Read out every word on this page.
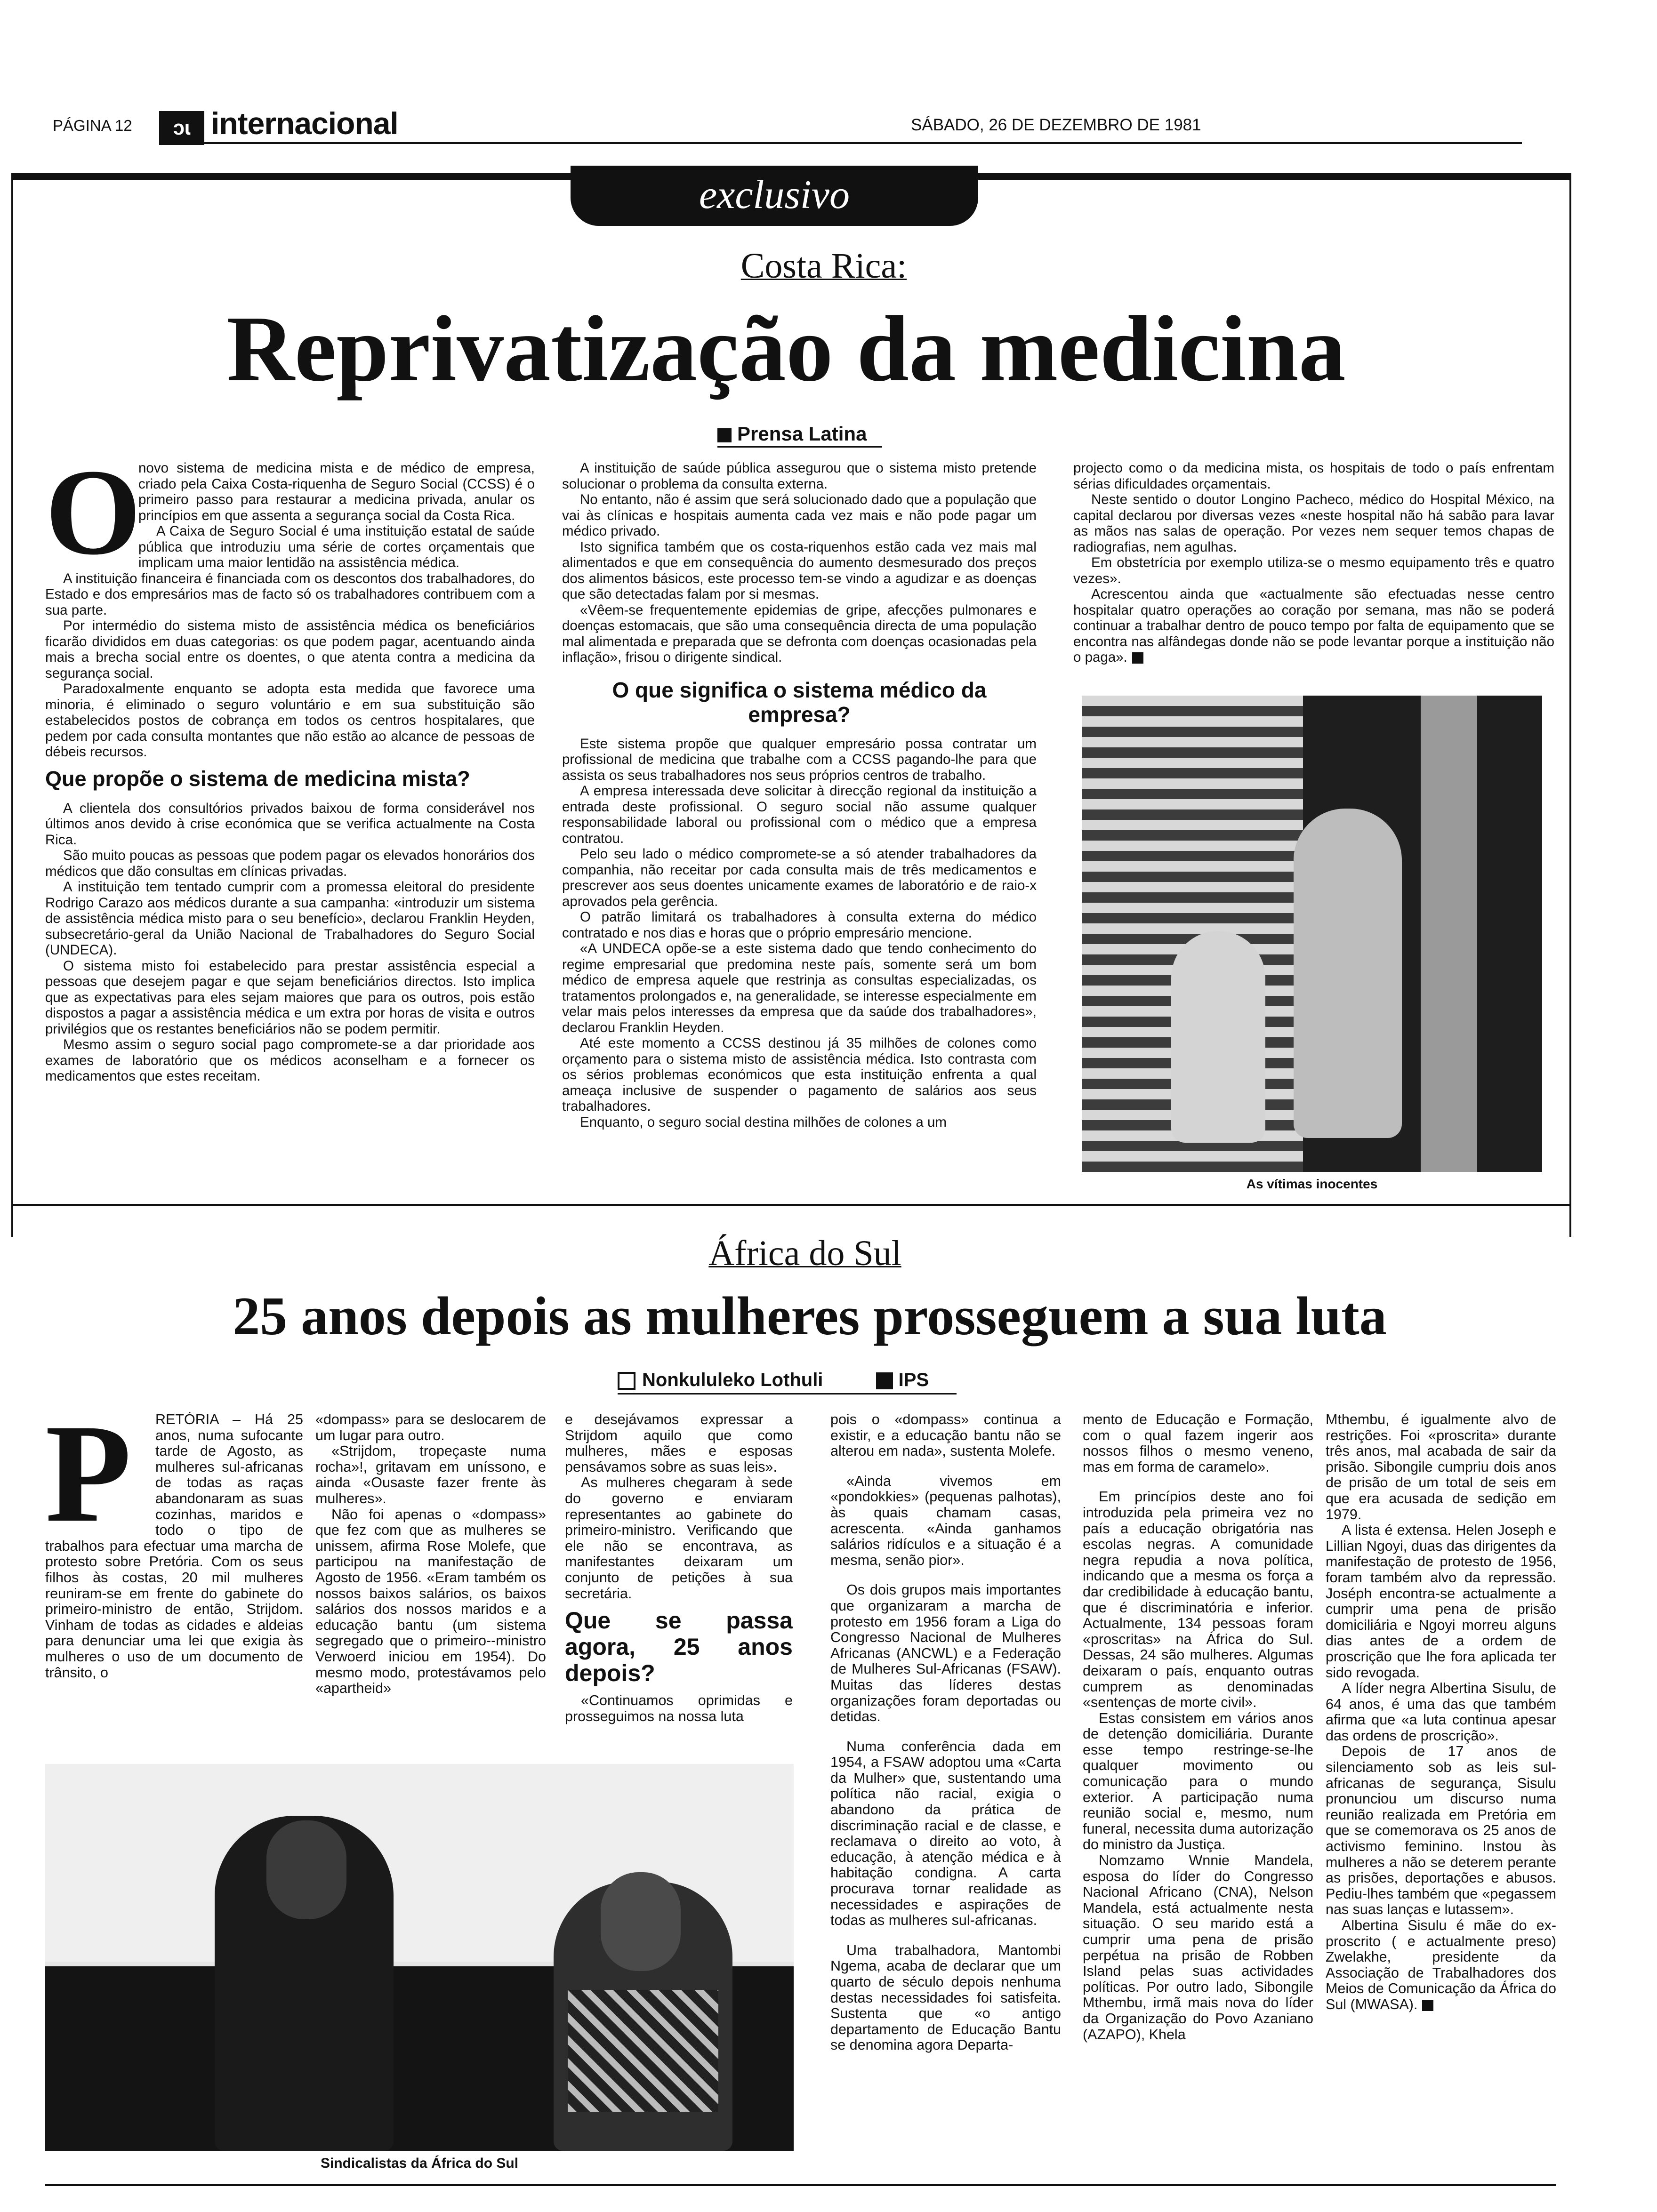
PÁGINA 12	ɔɩ internacional	SÁBADO, 26 DE DEZEMBRO DE 1981
exclusivo
Costa Rica:
Reprivatização da medicina
Prensa Latina
O

novo sistema de medicina mista e de médico de empresa, criado pela Caixa Costa-riquenha de Seguro Social (CCSS) é o primeiro passo para restaurar a medicina privada, anular os princípios em que assenta a segurança social da Costa Rica.

A Caixa de Seguro Social é uma instituição estatal de saúde pública que introduziu uma série de cortes orçamentais que implicam uma maior lentidão na assistência médica.

A instituição financeira é financiada com os descontos dos trabalhadores, do Estado e dos empresários mas de facto só os trabalhadores contribuem com a sua parte.

Por intermédio do sistema misto de assistência médica os beneficiários ficarão divididos em duas categorias: os que podem pagar, acentuando ainda mais a brecha social entre os doentes, o que atenta contra a medicina da segurança social.

Paradoxalmente enquanto se adopta esta medida que favorece uma minoria, é eliminado o seguro voluntário e em sua substituição são estabelecidos postos de cobrança em todos os centros hospitalares, que pedem por cada consulta montantes que não estão ao alcance de pessoas de débeis recursos.

Que propõe o sistema de medicina mista?

A clientela dos consultórios privados baixou de forma considerável nos últimos anos devido à crise económica que se verifica actualmente na Costa Rica.

São muito poucas as pessoas que podem pagar os elevados honorários dos médicos que dão consultas em clínicas privadas.

A instituição tem tentado cumprir com a promessa eleitoral do presidente Rodrigo Carazo aos médicos durante a sua campanha: «introduzir um sistema de assistência médica misto para o seu benefício», declarou Franklin Heyden, subsecretário-geral da União Nacional de Trabalhadores do Seguro Social (UNDECA).

O sistema misto foi estabelecido para prestar assistência especial a pessoas que desejem pagar e que sejam beneficiários directos. Isto implica que as expectativas para eles sejam maiores que para os outros, pois estão dispostos a pagar a assistência médica e um extra por horas de visita e outros privilégios que os restantes beneficiários não se podem permitir.

Mesmo assim o seguro social pago compromete-se a dar prioridade aos exames de laboratório que os médicos aconselham e a fornecer os medicamentos que estes receitam.

A instituição de saúde pública assegurou que o sistema misto pretende solucionar o problema da consulta externa.

No entanto, não é assim que será solucionado dado que a população que vai às clínicas e hospitais aumenta cada vez mais e não pode pagar um médico privado.

Isto significa também que os costa-riquenhos estão cada vez mais mal alimentados e que em consequência do aumento desmesurado dos preços dos alimentos básicos, este processo tem-se vindo a agudizar e as doenças que são detectadas falam por si mesmas.

«Vêem-se frequentemente epidemias de gripe, afecções pulmonares e doenças estomacais, que são uma consequência directa de uma população mal alimentada e preparada que se defronta com doenças ocasionadas pela inflação», frisou o dirigente sindical.

O que significa o sistema médico da empresa?

Este sistema propõe que qualquer empresário possa contratar um profissional de medicina que trabalhe com a CCSS pagando-lhe para que assista os seus trabalhadores nos seus próprios centros de trabalho.

A empresa interessada deve solicitar à direcção regional da instituição a entrada deste profissional. O seguro social não assume qualquer responsabilidade laboral ou profissional com o médico que a empresa contratou.

Pelo seu lado o médico compromete-se a só atender trabalhadores da companhia, não receitar por cada consulta mais de três medicamentos e prescrever aos seus doentes unicamente exames de laboratório e de raio-x aprovados pela gerência.

O patrão limitará os trabalhadores à consulta externa do médico contratado e nos dias e horas que o próprio empresário mencione.

«A UNDECA opõe-se a este sistema dado que tendo conhecimento do regime empresarial que predomina neste país, somente será um bom médico de empresa aquele que restrinja as consultas especializadas, os tratamentos prolongados e, na generalidade, se interesse especialmente em velar mais pelos interesses da empresa que da saúde dos trabalhadores», declarou Franklin Heyden.

Até este momento a CCSS destinou já 35 milhões de colones como orçamento para o sistema misto de assistência médica. Isto contrasta com os sérios problemas económicos que esta instituição enfrenta a qual ameaça inclusive de suspender o pagamento de salários aos seus trabalhadores.

Enquanto, o seguro social destina milhões de colones a um

projecto como o da medicina mista, os hospitais de todo o país enfrentam sérias dificuldades orçamentais.

Neste sentido o doutor Longino Pacheco, médico do Hospital México, na capital declarou por diversas vezes «neste hospital não há sabão para lavar as mãos nas salas de operação. Por vezes nem sequer temos chapas de radiografias, nem agulhas.

Em obstetrícia por exemplo utiliza-se o mesmo equipamento três e quatro vezes».

Acrescentou ainda que «actualmente são efectuadas nesse centro hospitalar quatro operações ao coração por semana, mas não se poderá continuar a trabalhar dentro de pouco tempo por falta de equipamento que se encontra nas alfândegas donde não se pode levantar porque a instituição não o paga».

As vítimas inocentes
África do Sul
25 anos depois as mulheres prosseguem a sua luta
Nonkululeko Lothuli	IPS
P	RETÓRIA – Há 25 anos, numa sufocante tarde de Agosto, as mulheres sul-africanas de todas as raças abandonaram as suas cozinhas, maridos e todo o tipo de trabalhos para efectuar uma marcha de protesto sobre Pretória. Com os seus filhos às costas, 20 mil mulheres reuniram-se em frente do gabinete do primeiro-ministro de então, Strijdom. Vinham de todas as cidades e aldeias para denunciar uma lei que exigia às mulheres o uso de um documento de trânsito, o

«dompass» para se deslocarem de um lugar para outro.

«Strijdom, tropeçaste numa rocha»!, gritavam em uníssono, e ainda «Ousaste fazer frente às mulheres».

Não foi apenas o «dompass» que fez com que as mulheres se unissem, afirma Rose Molefe, que participou na manifestação de Agosto de 1956. «Eram também os nossos baixos salários, os baixos salários dos nossos maridos e a educação bantu (um sistema segregado que o primeiro--ministro Verwoerd iniciou em 1954). Do mesmo modo, protestávamos pelo «apartheid»

e desejávamos expressar a Strijdom aquilo que como mulheres, mães e esposas pensávamos sobre as suas leis».

As mulheres chegaram à sede do governo e enviaram representantes ao gabinete do primeiro-ministro. Verificando que ele não se encontrava, as manifestantes deixaram um conjunto de petições à sua secretária.

Que se passa agora, 25 anos depois?

«Continuamos oprimidas e prosseguimos na nossa luta

pois o «dompass» continua a existir, e a educação bantu não se alterou em nada», sustenta Molefe.

«Ainda vivemos em «pondokkies» (pequenas palhotas), às quais chamam casas, acrescenta. «Ainda ganhamos salários ridículos e a situação é a mesma, senão pior».

Os dois grupos mais importantes que organizaram a marcha de protesto em 1956 foram a Liga do Congresso Nacional de Mulheres Africanas (ANCWL) e a Federação de Mulheres Sul-Africanas (FSAW). Muitas das líderes destas organizações foram deportadas ou detidas.

Numa conferência dada em 1954, a FSAW adoptou uma «Carta da Mulher» que, sustentando uma política não racial, exigia o abandono da prática de discriminação racial e de classe, e reclamava o direito ao voto, à educação, à atenção médica e à habitação condigna. A carta procurava tornar realidade as necessidades e aspirações de todas as mulheres sul-africanas.

Uma trabalhadora, Mantombi Ngema, acaba de declarar que um quarto de século depois nenhuma destas necessidades foi satisfeita. Sustenta que «o antigo departamento de Educação Bantu se denomina agora Departa-

mento de Educação e Formação, com o qual fazem ingerir aos nossos filhos o mesmo veneno, mas em forma de caramelo».

Em princípios deste ano foi introduzida pela primeira vez no país a educação obrigatória nas escolas negras. A comunidade negra repudia a nova política, indicando que a mesma os força a dar credibilidade à educação bantu, que é discriminatória e inferior. Actualmente, 134 pessoas foram «proscritas» na África do Sul. Dessas, 24 são mulheres. Algumas deixaram o país, enquanto outras cumprem as denominadas «sentenças de morte civil».

Estas consistem em vários anos de detenção domiciliária. Durante esse tempo restringe-se-lhe qualquer movimento ou comunicação para o mundo exterior. A participação numa reunião social e, mesmo, num funeral, necessita duma autorização do ministro da Justiça.

Nomzamo Wnnie Mandela, esposa do líder do Congresso Nacional Africano (CNA), Nelson Mandela, está actualmente nesta situação. O seu marido está a cumprir uma pena de prisão perpétua na prisão de Robben Island pelas suas actividades políticas. Por outro lado, Sibongile Mthembu, irmã mais nova do líder da Organização do Povo Azaniano (AZAPO), Khela

Mthembu, é igualmente alvo de restrições. Foi «proscrita» durante três anos, mal acabada de sair da prisão. Sibongile cumpriu dois anos de prisão de um total de seis em que era acusada de sedição em 1979.

A lista é extensa. Helen Joseph e Lillian Ngoyi, duas das dirigentes da manifestação de protesto de 1956, foram também alvo da repressão. Joséph encontra-se actualmente a cumprir uma pena de prisão domiciliária e Ngoyi morreu alguns dias antes de a ordem de proscrição que lhe fora aplicada ter sido revogada.

A líder negra Albertina Sisulu, de 64 anos, é uma das que também afirma que «a luta continua apesar das ordens de proscrição».

Depois de 17 anos de silenciamento sob as leis sul-africanas de segurança, Sisulu pronunciou um discurso numa reunião realizada em Pretória em que se comemorava os 25 anos de activismo feminino. Instou às mulheres a não se deterem perante as prisões, deportações e abusos. Pediu-lhes também que «pegassem nas suas lanças e lutassem».

Albertina Sisulu é mãe do ex-proscrito ( e actualmente preso) Zwelakhe, presidente da Associação de Trabalhadores dos Meios de Comunicação da África do Sul (MWASA).

Sindicalistas da África do Sul
